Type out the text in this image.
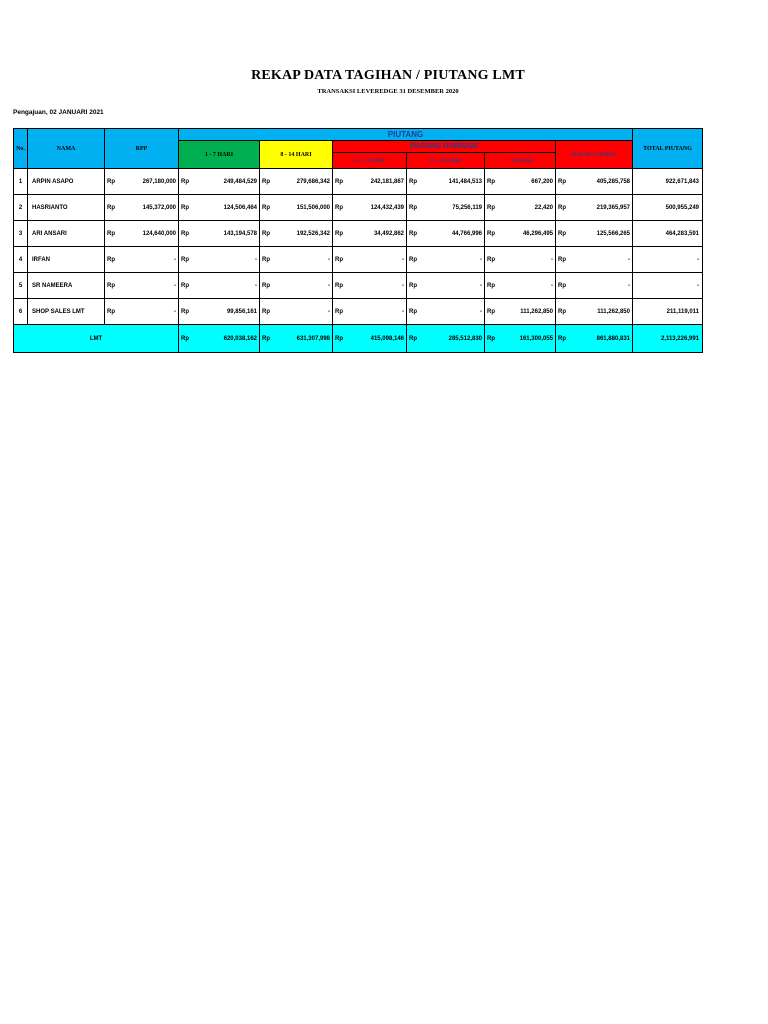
REKAP DATA TAGIHAN / PIUTANG LMT
TRANSAKSI LEVEREDGE 31 DESEMBER 2020
Pengajuan, 02 JANUARI 2021
No.	NAMA	RPP	PIUTANG						TOTAL PIUTANG
			1 - 7 HARI	8 - 14 HARI	PIUTANG OVERDUE			SUDAH J TEMPO	
					15 - 21 HARI	22 - 30 HARI	> 31 HARI		

1	ARPIN ASAPO	Rp 267,180,000	Rp 249,484,529	Rp 279,686,342	Rp 242,181,867	Rp 141,484,513	Rp 667,200	Rp 405,285,758	922,671,843
2	HASRIANTO	Rp 145,372,000	Rp 124,506,464	Rp 151,506,000	Rp 124,432,439	Rp 75,256,119	Rp 22,420	Rp 219,365,957	500,955,249
3	ARI ANSARI	Rp 124,640,000	Rp 143,194,578	Rp 192,526,342	Rp 34,492,862	Rp 44,766,996	Rp 46,296,495	Rp 125,566,265	464,283,591
4	IRFAN	Rp -	Rp -	Rp -	Rp -	Rp -	Rp -	Rp -	-
5	SR NAMEERA	Rp -	Rp -	Rp -	Rp -	Rp -	Rp -	Rp -	-
6	SHOP SALES LMT	Rp -	Rp 99,856,161	Rp -	Rp -	Rp -	Rp 111,262,850	Rp 111,262,850	211,119,011
LMT			Rp 620,038,162	Rp 631,307,998	Rp 415,098,146	Rp 285,512,830	Rp 161,300,055	Rp 861,880,831	2,113,226,991
